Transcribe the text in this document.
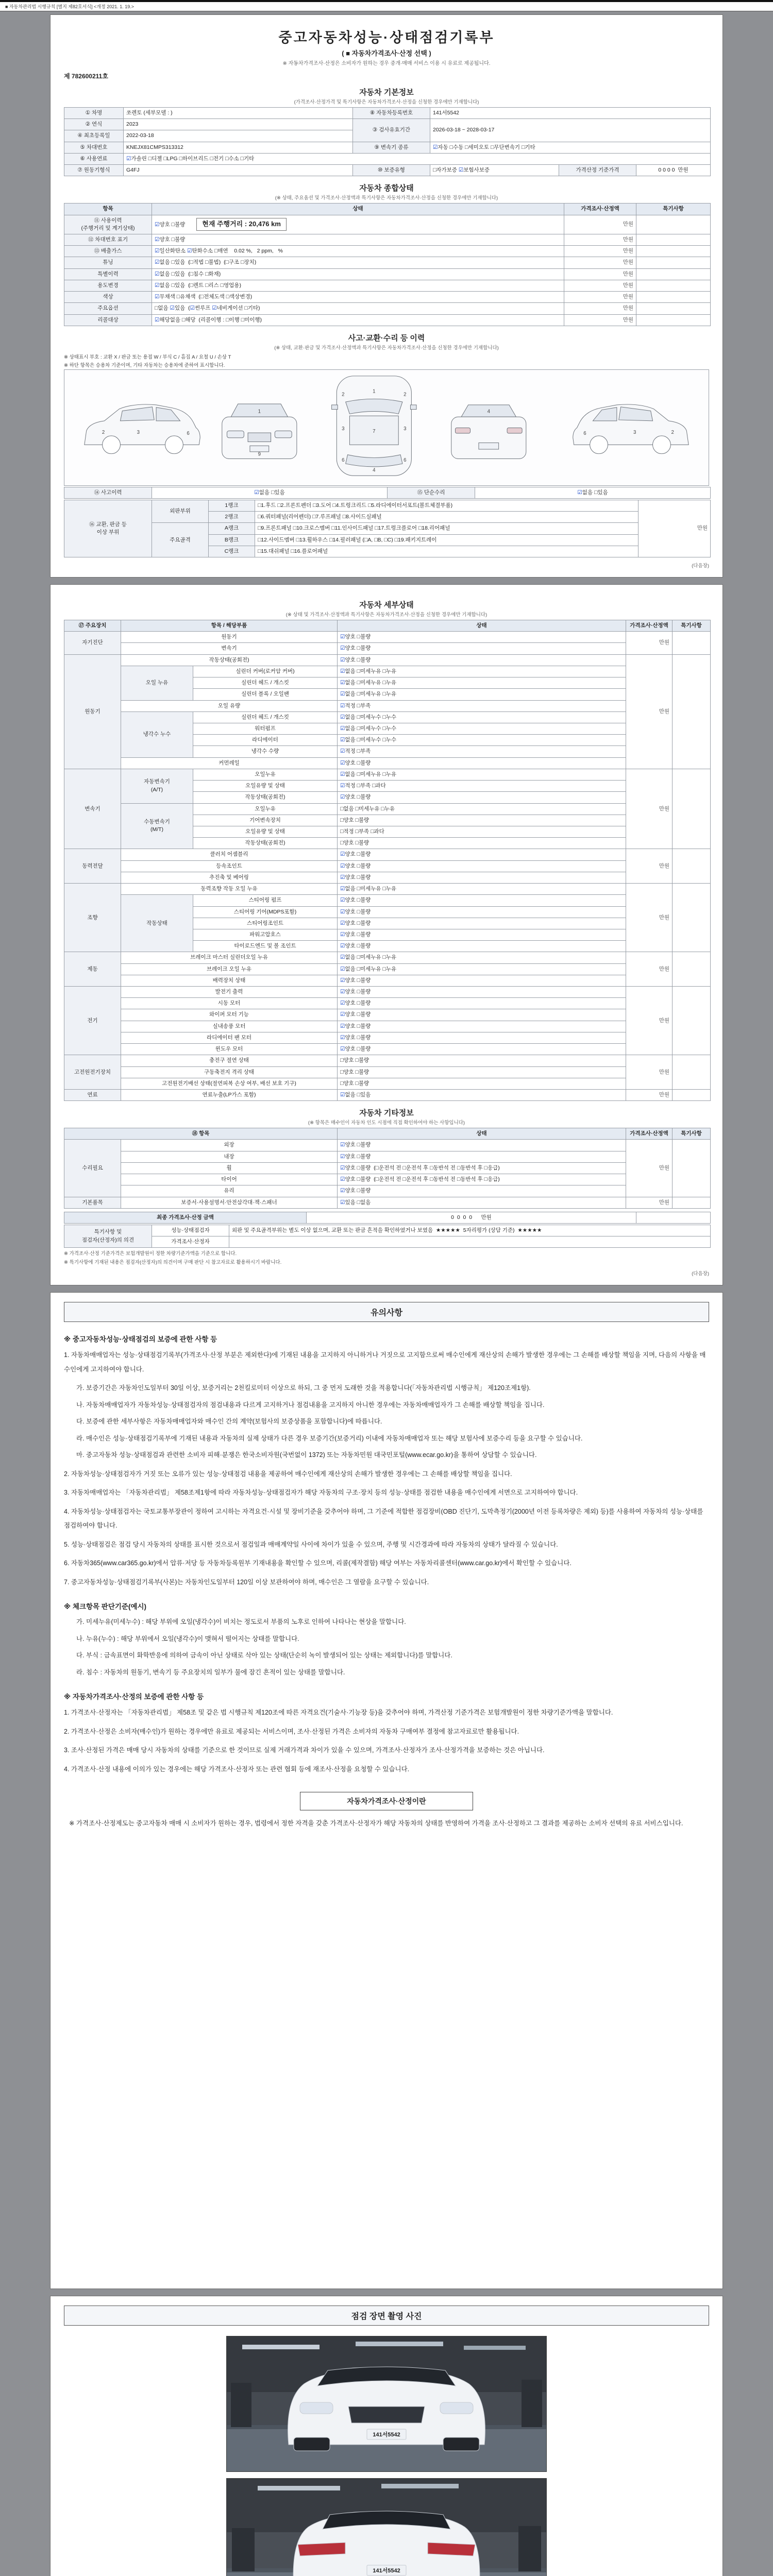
■ 자동차관리법 시행규칙 [별지 제82호서식] <개정 2021. 1. 19.>
중고자동차성능·상태점검기록부
( ■ 자동차가격조사·산정 선택 )
※ 자동차가격조사·산정은 소비자가 원하는 경우 중개·매매 서비스 이용 시 유료로 제공됩니다.
제 782600211호
자동차 기본정보
(가격조사·산정가격 및 특기사항은 자동차가격조사·산정을 신청한 경우에만 기재합니다)
① 차명	쏘렌토 (세부모델 : )	⑧ 자동차등록번호	141서5542		
② 연식	2023	③ 검사유효기간	2026-03-18 ~ 2028-03-17		
④ 최초등록일	2022-03-18				
⑤ 차대번호	KNEJX81CMPS313312	⑨ 변속기 종류	☑자동 □수동 □세미오토 □무단변속기 □기타		
⑥ 사용연료	☑가솔린 □디젤 □LPG □하이브리드 □전기 □수소 □기타				
⑦ 원동기형식	G4FJ	⑩ 보증유형	□자가보증 ☑보험사보증	가격산정 기준가격	0 0 0 0  만원
자동차 종합상태
(※ 상태, 주요옵션 및 가격조사·산정액과 특기사항은 자동차가격조사·산정을 신청한 경우에만 기재합니다)
항목	상태	가격조사·산정액	특기사항
⑪ 사용이력
(주행거리 및 계기상태)	☑양호 □불량 현재 주행거리 : 20,476 km	만원	
⑫ 차대번호 표기	☑양호 □불량	만원	
⑬ 배출가스	☑일산화탄소 ☑탄화수소 □매연    0.02 %,   2 ppm,   %	만원	
튜닝	☑없음 □있음  (□적법 □불법)  (□구조 □장치)	만원	
특별이력	☑없음 □있음  (□침수 □화재)	만원	
용도변경	☑없음 □있음  (□렌트 □리스 □영업용)	만원	
색상	☑무채색 □유채색  (□전체도색 □색상변경)	만원	
주요옵션	□없음 ☑있음  (☑썬루프 ☑네비게이션 □기타)	만원	
리콜대상	☑해당없음 □해당  (리콜이행 : □이행 □미이행)	만원	
사고·교환·수리 등 이력
(※ 상태, 교환·판금 및 가격조사·산정액과 특기사항은 자동차가격조사·산정을 신청한 경우에만 기재합니다)
※ 상태표시 부호 : 교환 X / 판금 또는 용접 W / 부식 C / 흠집 A / 요철 U / 손상 T
※ 하단 항목은 승용차 기준이며, 기타 자동차는 승용차에 준하여 표시합니다.
1
7
4
2	2
3	3
6	6
2	3	6
1
9
4
2
3
6
⑭ 사고이력	☑없음 □있음	⑮ 단순수리	☑없음 □있음
⑯ 교환, 판금 등
이상 부위	외판부위	1랭크	□1.후드 □2.프론트펜더 □3.도어 □4.트렁크리드 □5.라디에이터서포트(볼트체결부품)	만원
		2랭크	□6.쿼터패널(리어펜더) □7.루프패널 □8.사이드실패널	
	주요골격	A랭크	□9.프론트패널 □10.크로스멤버 □11.인사이드패널 □17.트렁크플로어 □18.리어패널	
		B랭크	□12.사이드멤버 □13.휠하우스 □14.필러패널 (□A, □B, □C) □19.패키지트레이	
		C랭크	□15.대쉬패널 □16.플로어패널	
(다음장)
자동차 세부상태
(※ 상태 및 가격조사·산정액과 특기사항은 자동차가격조사·산정을 신청한 경우에만 기재합니다)
⑰ 주요장치	항목 / 해당부품		상태	가격조사·산정액	특기사항
자기진단	원동기		☑양호 □불량	만원	
	변속기		☑양호 □불량		
원동기	작동상태(공회전)		☑양호 □불량	만원	
	오일 누유	실린더 커버(로커암 커버)	☑없음 □미세누유 □누유		
		실린더 헤드 / 개스킷	☑없음 □미세누유 □누유		
		실린더 블록 / 오일팬	☑없음 □미세누유 □누유		
	오일 유량		☑적정 □부족		
	냉각수 누수	실린더 헤드 / 개스킷	☑없음 □미세누수 □누수		
		워터펌프	☑없음 □미세누수 □누수		
		라디에이터	☑없음 □미세누수 □누수		
		냉각수 수량	☑적정 □부족		
	커먼레일		☑양호 □불량		
변속기	자동변속기
(A/T)	오일누유	☑없음 □미세누유 □누유	만원	
		오일유량 및 상태	☑적정 □부족 □과다		
		작동상태(공회전)	☑양호 □불량		
	수동변속기
(M/T)	오일누유	□없음 □미세누유 □누유		
		기어변속장치	□양호 □불량		
		오일유량 및 상태	□적정 □부족 □과다		
		작동상태(공회전)	□양호 □불량		
동력전달	클러치 어셈블리		☑양호 □불량	만원	
	등속조인트		☑양호 □불량		
	추진축 및 베어링		☑양호 □불량		
조향	동력조향 작동 오일 누유		☑없음 □미세누유 □누유	만원	
	작동상태	스티어링 펌프	☑양호 □불량		
		스티어링 기어(MDPS포함)	☑양호 □불량		
		스티어링조인트	☑양호 □불량		
		파워고압호스	☑양호 □불량		
		타이로드엔드 및 볼 조인트	☑양호 □불량		
제동	브레이크 마스터 실린더오일 누유		☑없음 □미세누유 □누유	만원	
	브레이크 오일 누유		☑없음 □미세누유 □누유		
	배력장치 상태		☑양호 □불량		
전기	발전기 출력		☑양호 □불량	만원	
	시동 모터		☑양호 □불량		
	와이퍼 모터 기능		☑양호 □불량		
	실내송풍 모터		☑양호 □불량		
	라디에이터 팬 모터		☑양호 □불량		
	윈도우 모터		☑양호 □불량		
고전원전기장치	충전구 절연 상태		□양호 □불량	만원	
	구동축전지 격리 상태		□양호 □불량		
	고전원전기배선 상태(절연피복 손상 여부, 배선 보호 기구)		□양호 □불량		
연료	연료누출(LP가스 포함)		☑없음 □있음	만원	
자동차 기타정보
(※ 항목은 매수인이 자동차 인도 시점에 직접 확인하여야 하는 사항입니다)
⑱ 항목		상태	가격조사·산정액	특기사항
수리필요	외장	☑양호 □불량	만원	
	내장	☑양호 □불량		
	휠	☑양호 □불량  (□운전석 전 □운전석 후 □동반석 전 □동반석 후 □응급)		
	타이어	☑양호 □불량  (□운전석 전 □운전석 후 □동반석 전 □동반석 후 □응급)		
	유리	☑양호 □불량		
기본품목	보증서·사용설명서·안전삼각대·잭·스패너	☑있음 □없음	만원	
최종 가격조사·산정 금액	0  0  0  0      만원	
특기사항 및
점검자(산정자)의 의견	성능·상태점검자	외판 및 주요골격부위는 별도 이상 없으며, 교환 또는 판금 흔적을 확인하였거나 보였음  ★★★★★  5자리평가 (상담 기준)  ★★★★★
	가격조사·산정자	
※ 가격조사·산정 기준가격은 보험개발원이 정한 차량기준가액을 기준으로 합니다.
※ 특기사항에 기재된 내용은 점검자(산정자)의 의견이며 구매 판단 시 참고자료로 활용하시기 바랍니다.
(다음장)
유의사항
※ 중고자동차성능·상태점검의 보증에 관한 사항 등
1. 자동차매매업자는 성능·상태점검기록부(가격조사·산정 부분은 제외한다)에 기재된 내용을 고지하지 아니하거나 거짓으로 고지함으로써 매수인에게 재산상의 손해가 발생한 경우에는 그 손해를 배상할 책임을 지며, 다음의 사항을 매수인에게 고지하여야 합니다.
가. 보증기간은 자동차인도일부터 30일 이상, 보증거리는 2천킬로미터 이상으로 하되, 그 중 먼저 도래한 것을 적용합니다(「자동차관리법 시행규칙」 제120조제1항).
나. 자동차매매업자가 자동차성능·상태점검자의 점검내용과 다르게 고지하거나 점검내용을 고지하지 아니한 경우에는 자동차매매업자가 그 손해를 배상할 책임을 집니다.
다. 보증에 관한 세부사항은 자동차매매업자와 매수인 간의 계약(보험사의 보증상품을 포함합니다)에 따릅니다.
라. 매수인은 성능·상태점검기록부에 기재된 내용과 자동차의 실제 상태가 다른 경우 보증기간(보증거리) 이내에 자동차매매업자 또는 해당 보험사에 보증수리 등을 요구할 수 있습니다.
마. 중고자동차 성능·상태점검과 관련한 소비자 피해·분쟁은 한국소비자원(국번없이 1372) 또는 자동차민원 대국민포털(www.ecar.go.kr)을 통하여 상담할 수 있습니다.
2. 자동차성능·상태점검자가 거짓 또는 오류가 있는 성능·상태점검 내용을 제공하여 매수인에게 재산상의 손해가 발생한 경우에는 그 손해를 배상할 책임을 집니다.
3. 자동차매매업자는 「자동차관리법」 제58조제1항에 따라 자동차성능·상태점검자가 해당 자동차의 구조·장치 등의 성능·상태를 점검한 내용을 매수인에게 서면으로 고지하여야 합니다.
4. 자동차성능·상태점검자는 국토교통부장관이 정하여 고시하는 자격요건·시설 및 장비기준을 갖추어야 하며, 그 기준에 적합한 점검장비(OBD 진단기, 도막측정기(2000년 이전 등록차량은 제외) 등)를 사용하여 자동차의 성능·상태를 점검하여야 합니다.
5. 성능·상태점검은 점검 당시 자동차의 상태를 표시한 것으로서 점검일과 매매계약일 사이에 차이가 있을 수 있으며, 주행 및 시간경과에 따라 자동차의 상태가 달라질 수 있습니다.
6. 자동차365(www.car365.go.kr)에서 압류·저당 등 자동차등록원부 기재내용을 확인할 수 있으며, 리콜(제작결함) 해당 여부는 자동차리콜센터(www.car.go.kr)에서 확인할 수 있습니다.
7. 중고자동차성능·상태점검기록부(사본)는 자동차인도일부터 120일 이상 보관하여야 하며, 매수인은 그 열람을 요구할 수 있습니다.
※ 체크항목 판단기준(예시)
가. 미세누유(미세누수) : 해당 부위에 오일(냉각수)이 비치는 정도로서 부품의 노후로 인하여 나타나는 현상을 말합니다.
나. 누유(누수) : 해당 부위에서 오일(냉각수)이 맺혀서 떨어지는 상태를 말합니다.
다. 부식 : 금속표면이 화학반응에 의하여 금속이 아닌 상태로 삭아 있는 상태(단순히 녹이 발생되어 있는 상태는 제외합니다)를 말합니다.
라. 침수 : 자동차의 원동기, 변속기 등 주요장치의 일부가 물에 잠긴 흔적이 있는 상태를 말합니다.
※ 자동차가격조사·산정의 보증에 관한 사항 등
1. 가격조사·산정자는 「자동차관리법」 제58조 및 같은 법 시행규칙 제120조에 따른 자격요건(기술사·기능장 등)을 갖추어야 하며, 가격산정 기준가격은 보험개발원이 정한 차량기준가액을 말합니다.
2. 가격조사·산정은 소비자(매수인)가 원하는 경우에만 유료로 제공되는 서비스이며, 조사·산정된 가격은 소비자의 자동차 구매여부 결정에 참고자료로만 활용됩니다.
3. 조사·산정된 가격은 매매 당시 자동차의 상태를 기준으로 한 것이므로 실제 거래가격과 차이가 있을 수 있으며, 가격조사·산정자가 조사·산정가격을 보증하는 것은 아닙니다.
4. 가격조사·산정 내용에 이의가 있는 경우에는 해당 가격조사·산정자 또는 관련 협회 등에 재조사·산정을 요청할 수 있습니다.
자동차가격조사·산정이란
※ 가격조사·산정제도는 중고자동차 매매 시 소비자가 원하는 경우, 법령에서 정한 자격을 갖춘 가격조사·산정자가 해당 자동차의 상태를 반영하여 가격을 조사·산정하고 그 결과를 제공하는 소비자 선택의 유료 서비스입니다.
점검 장면 촬영 사진
141서5542
141서5542
